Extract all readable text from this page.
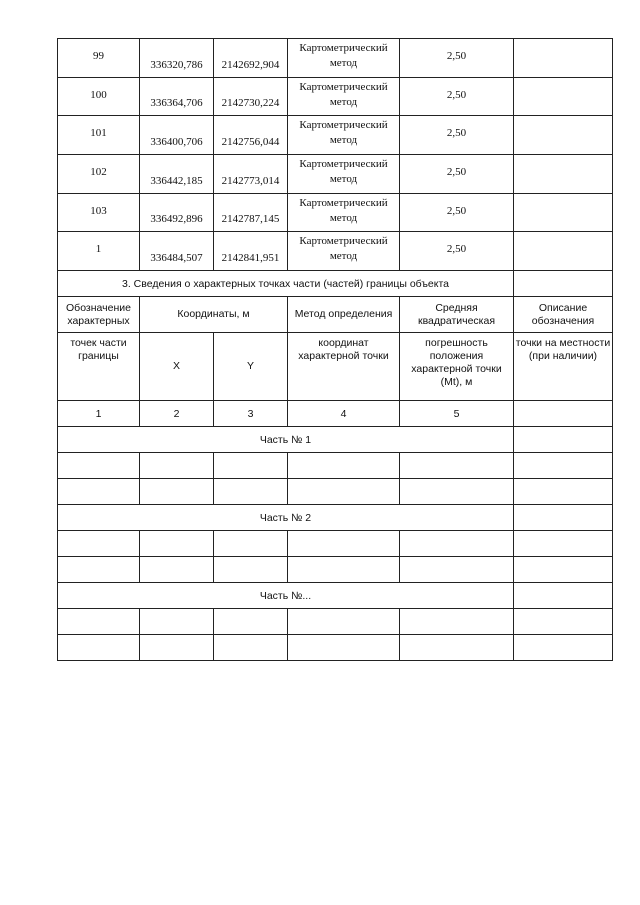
99	336320,786	2142692,904	Картометрический метод	2,50	
100	336364,706	2142730,224	Картометрический метод	2,50	
101	336400,706	2142756,044	Картометрический метод	2,50	
102	336442,185	2142773,014	Картометрический метод	2,50	
103	336492,896	2142787,145	Картометрический метод	2,50	
1	336484,507	2142841,951	Картометрический метод	2,50	
3. Сведения о характерных точках части (частей) границы объекта					
Обозначение характерных	Координаты, м		Метод определения	Средняя квадратическая	Описание обозначения
точек части границы	X	Y	координат характерной точки	погрешность положения характерной точки (Mt), м	точки на местности (при наличии)
1	2	3	4	5	
Часть № 1					

Часть № 2					

Часть №...					
